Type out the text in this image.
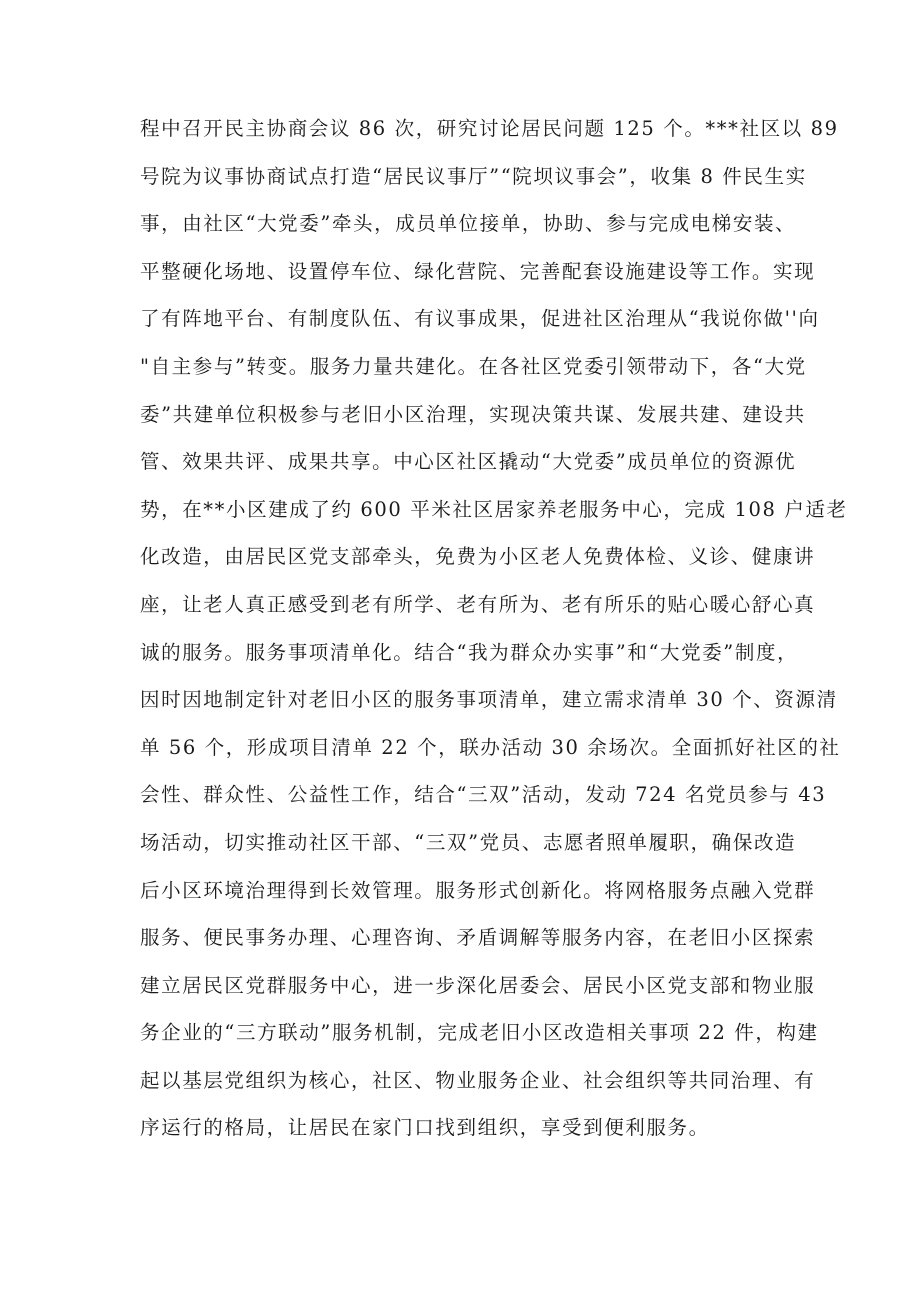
程中召开民主协商会议 86 次，研究讨论居民问题 125 个。***社区以 89
号院为议事协商试点打造“居民议事厅”“院坝议事会”，收集 8 件民生实
事，由社区“大党委”牵头，成员单位接单，协助、参与完成电梯安装、
平整硬化场地、设置停车位、绿化营院、完善配套设施建设等工作。实现
了有阵地平台、有制度队伍、有议事成果，促进社区治理从“我说你做''向
"自主参与”转变。服务力量共建化。在各社区党委引领带动下，各“大党
委”共建单位积极参与老旧小区治理，实现决策共谋、发展共建、建设共
管、效果共评、成果共享。中心区社区撬动“大党委”成员单位的资源优
势，在**小区建成了约 600 平米社区居家养老服务中心，完成 108 户适老
化改造，由居民区党支部牵头，免费为小区老人免费体检、义诊、健康讲
座，让老人真正感受到老有所学、老有所为、老有所乐的贴心暖心舒心真
诚的服务。服务事项清单化。结合“我为群众办实事”和“大党委”制度，
因时因地制定针对老旧小区的服务事项清单，建立需求清单 30 个、资源清
单 56 个，形成项目清单 22 个，联办活动 30 余场次。全面抓好社区的社
会性、群众性、公益性工作，结合“三双”活动，发动 724 名党员参与 43
场活动，切实推动社区干部、“三双”党员、志愿者照单履职，确保改造
后小区环境治理得到长效管理。服务形式创新化。将网格服务点融入党群
服务、便民事务办理、心理咨询、矛盾调解等服务内容，在老旧小区探索
建立居民区党群服务中心，进一步深化居委会、居民小区党支部和物业服
务企业的“三方联动”服务机制，完成老旧小区改造相关事项 22 件，构建
起以基层党组织为核心，社区、物业服务企业、社会组织等共同治理、有
序运行的格局，让居民在家门口找到组织，享受到便利服务。
